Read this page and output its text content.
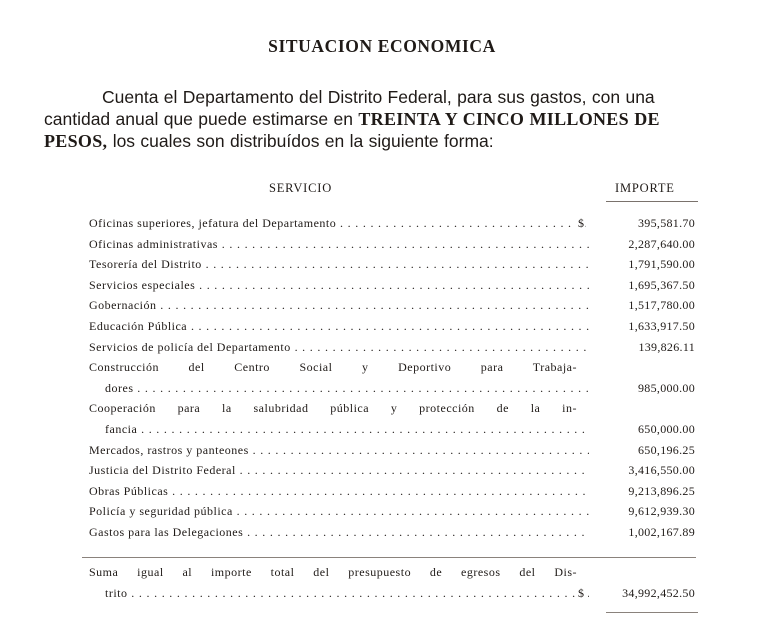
SITUACION ECONOMICA
Cuenta el Departamento del Distrito Federal, para sus gastos, con una
cantidad anual que puede estimarse en TREINTA Y CINCO MILLONES DE
PESOS, los cuales son distribuídos en la siguiente forma:
SERVICIO	IMPORTE
Oficinas superiores, jefatura del Departamento . . .	$	395,581.70
Oficinas administrativas . . .	2,287,640.00
Tesorería del Distrito . . .	1,791,590.00
Servicios especiales . . .	1,695,367.50
Gobernación . . .	1,517,780.00
Educación Pública . . .	1,633,917.50
Servicios de policía del Departamento . . .	139,826.11
Construcción del Centro Social y Deportivo para Trabaja-
dores . . .	985,000.00
Cooperación para la salubridad pública y protección de la in-
fancia . . .	650,000.00
Mercados, rastros y panteones . . .	650,196.25
Justicia del Distrito Federal . . .	3,416,550.00
Obras Públicas . . .	9,213,896.25
Policía y seguridad pública . . .	9,612,939.30
Gastos para las Delegaciones . . .	1,002,167.89
Suma igual al importe total del presupuesto de egresos del Dis-
trito . . .	$	34,992,452.50
